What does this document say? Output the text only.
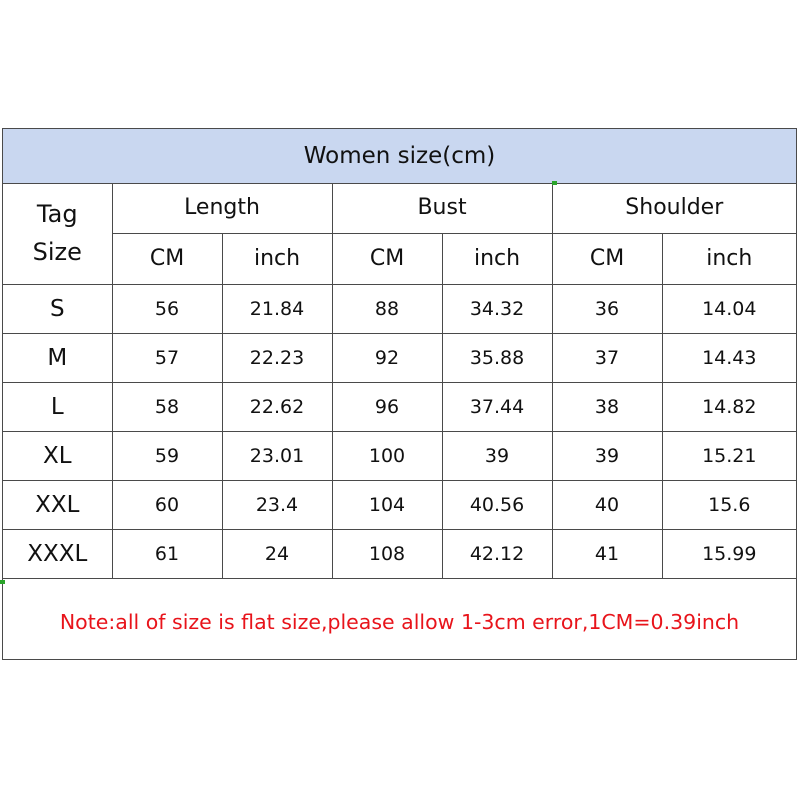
Women size(cm)
Tag
Size	Length		Bust		Shoulder	
	CM	inch	CM	inch	CM	inch
S	56	21.84	88	34.32	36	14.04
M	57	22.23	92	35.88	37	14.43
L	58	22.62	96	37.44	38	14.82
XL	59	23.01	100	39	39	15.21
XXL	60	23.4	104	40.56	40	15.6
XXXL	61	24	108	42.12	41	15.99
Note:all of size is flat size,please allow 1-3cm error,1CM=0.39inch
